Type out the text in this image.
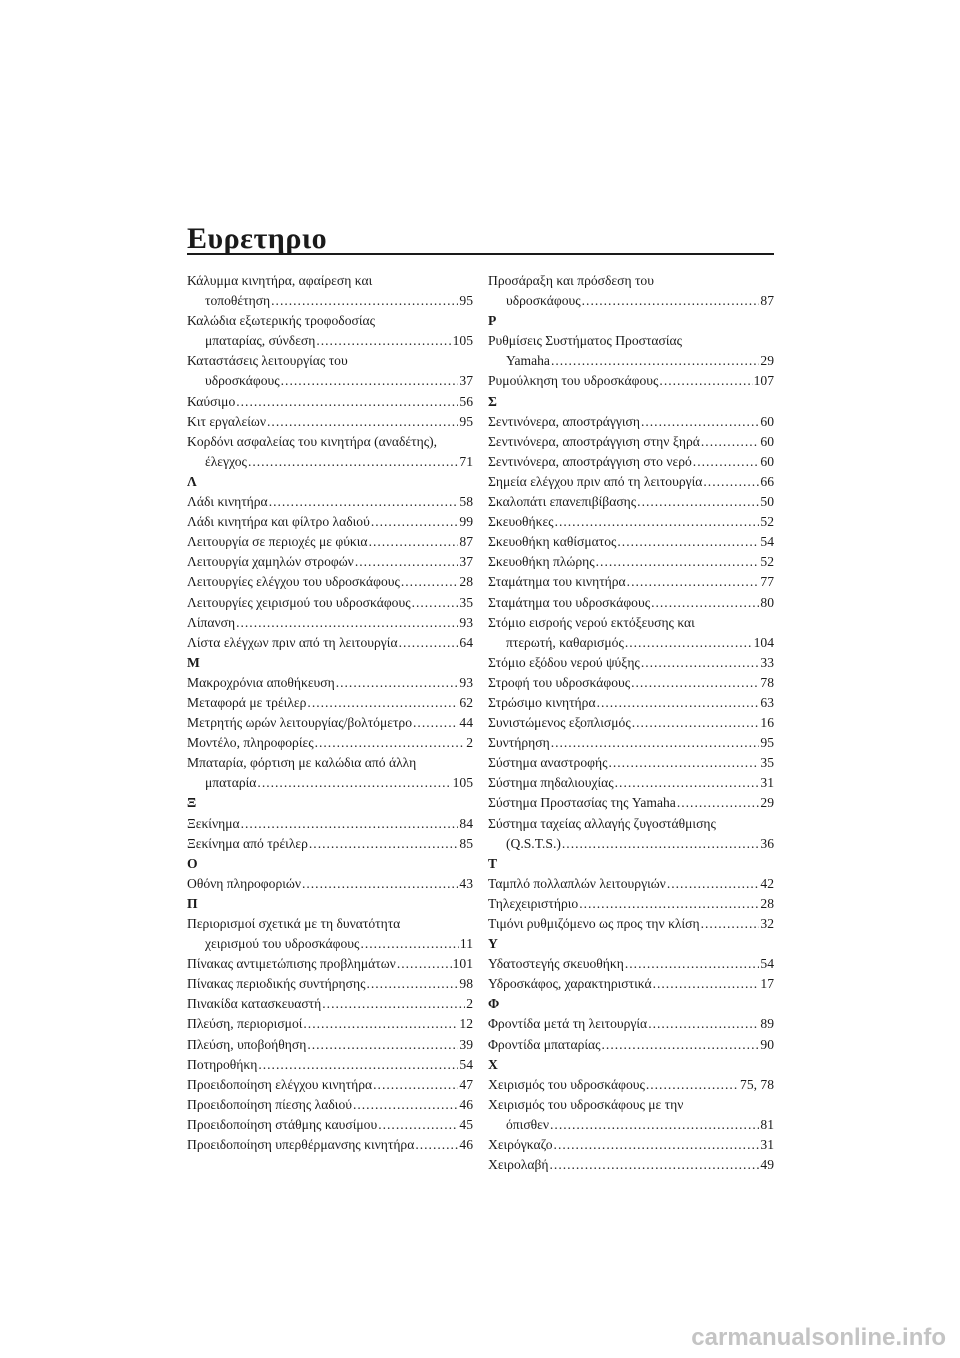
Ευρετηριο
Κάλυμμα κινητήρα, αφαίρεση και
τοποθέτηση .....	95
Καλώδια εξωτερικής τροφοδοσίας
μπαταρίας, σύνδεση .....	105
Καταστάσεις λειτουργίας του
υδροσκάφους .....	37
Καύσιμο .....	56
Κιτ εργαλείων .....	95
Κορδόνι ασφαλείας του κινητήρα (αναδέτης),
έλεγχος .....	71
Λ
Λάδι κινητήρα .....	58
Λάδι κινητήρα και φίλτρο λαδιού .....	99
Λειτουργία σε περιοχές με φύκια .....	87
Λειτουργία χαμηλών στροφών .....	37
Λειτουργίες ελέγχου του υδροσκάφους .....	28
Λειτουργίες χειρισμού του υδροσκάφους .....	35
Λίπανση .....	93
Λίστα ελέγχων πριν από τη λειτουργία .....	64
Μ
Μακροχρόνια αποθήκευση .....	93
Μεταφορά με τρέιλερ .....	62
Μετρητής ωρών λειτουργίας/βολτόμετρο .....	44
Μοντέλο, πληροφορίες .....	2
Μπαταρία, φόρτιση με καλώδια από άλλη
μπαταρία .....	105
Ξ
Ξεκίνημα .....	84
Ξεκίνημα από τρέιλερ .....	85
Ο
Οθόνη πληροφοριών .....	43
Π
Περιορισμοί σχετικά με τη δυνατότητα
χειρισμού του υδροσκάφους .....	11
Πίνακας αντιμετώπισης προβλημάτων .....	101
Πίνακας περιοδικής συντήρησης .....	98
Πινακίδα κατασκευαστή .....	2
Πλεύση, περιορισμοί .....	12
Πλεύση, υποβοήθηση .....	39
Ποτηροθήκη .....	54
Προειδοποίηση ελέγχου κινητήρα .....	47
Προειδοποίηση πίεσης λαδιού .....	46
Προειδοποίηση στάθμης καυσίμου .....	45
Προειδοποίηση υπερθέρμανσης κινητήρα .....	46
Προσάραξη και πρόσδεση του
υδροσκάφους .....	87
Ρ
Ρυθμίσεις Συστήματος Προστασίας
Yamaha .....	29
Ρυμούλκηση του υδροσκάφους .....	107
Σ
Σεντινόνερα, αποστράγγιση .....	60
Σεντινόνερα, αποστράγγιση στην ξηρά .....	60
Σεντινόνερα, αποστράγγιση στο νερό .....	60
Σημεία ελέγχου πριν από τη λειτουργία .....	66
Σκαλοπάτι επανεπιβίβασης .....	50
Σκευοθήκες .....	52
Σκευοθήκη καθίσματος .....	54
Σκευοθήκη πλώρης .....	52
Σταμάτημα του κινητήρα .....	77
Σταμάτημα του υδροσκάφους .....	80
Στόμιο εισροής νερού εκτόξευσης και
πτερωτή, καθαρισμός .....	104
Στόμιο εξόδου νερού ψύξης .....	33
Στροφή του υδροσκάφους .....	78
Στρώσιμο κινητήρα .....	63
Συνιστώμενος εξοπλισμός .....	16
Συντήρηση .....	95
Σύστημα αναστροφής .....	35
Σύστημα πηδαλιουχίας .....	31
Σύστημα Προστασίας της Yamaha .....	29
Σύστημα ταχείας αλλαγής ζυγοστάθμισης
(Q.S.T.S.) .....	36
Τ
Ταμπλό πολλαπλών λειτουργιών .....	42
Τηλεχειριστήριο .....	28
Τιμόνι ρυθμιζόμενο ως προς την κλίση .....	32
Υ
Υδατοστεγής σκευοθήκη .....	54
Υδροσκάφος, χαρακτηριστικά .....	17
Φ
Φροντίδα μετά τη λειτουργία .....	89
Φροντίδα μπαταρίας .....	90
Χ
Χειρισμός του υδροσκάφους .....	75, 78
Χειρισμός του υδροσκάφους με την
όπισθεν .....	81
Χειρόγκαζο .....	31
Χειρολαβή .....	49
carmanualsonline.info
